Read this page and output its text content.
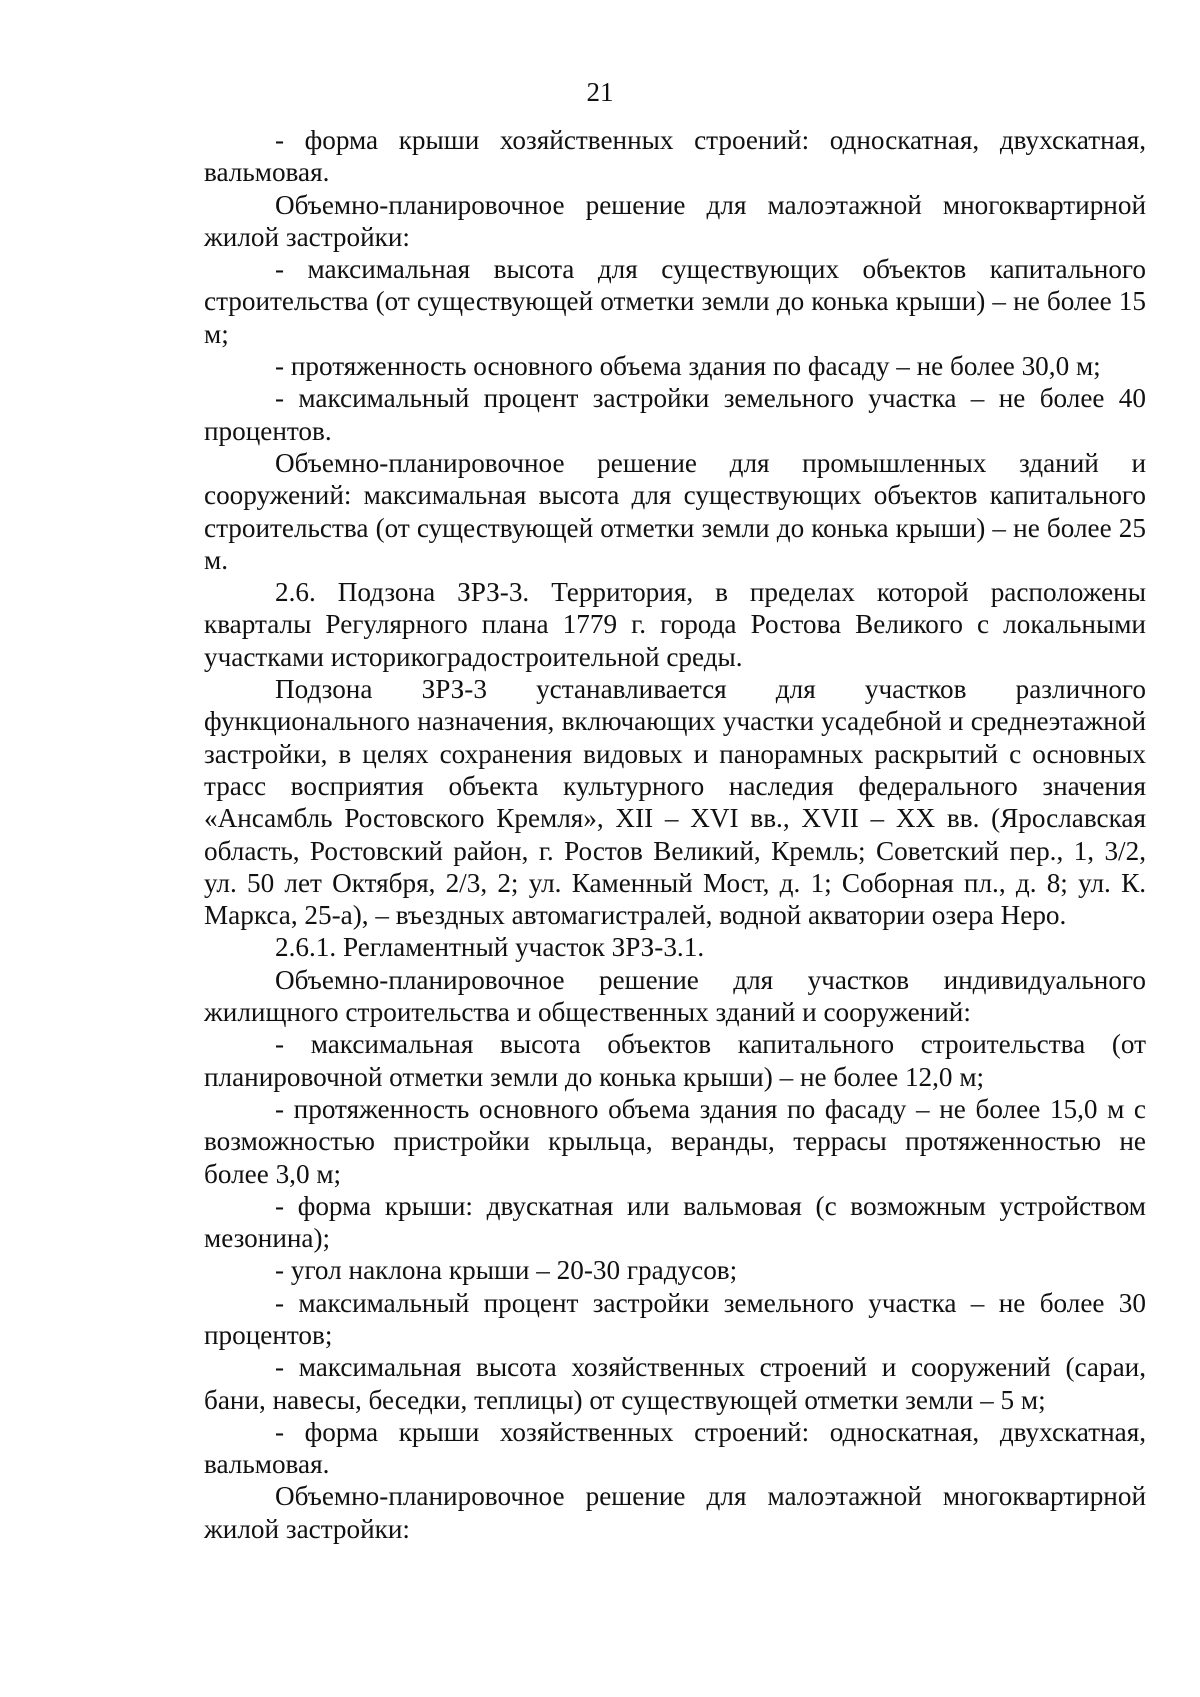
21

- форма крыши хозяйственных строений: односкатная, двухскатная, вальмовая.

Объемно-планировочное решение для малоэтажной многоквартирной жилой застройки:

- максимальная высота для существующих объектов капитального строительства (от существующей отметки земли до конька крыши) – не более 15 м;

- протяженность основного объема здания по фасаду – не более 30,0 м;

- максимальный процент застройки земельного участка – не более 40 процентов.

Объемно-планировочное решение для промышленных зданий и сооружений: максимальная высота для существующих объектов капитального строительства (от существующей отметки земли до конька крыши) – не более 25 м.

2.6. Подзона ЗРЗ-3. Территория, в пределах которой расположены кварталы Регулярного плана 1779 г. города Ростова Великого с локальными участками историкоградостроительной среды.

Подзона ЗРЗ-3 устанавливается для участков различного функционального назначения, включающих участки усадебной и среднеэтажной застройки, в целях сохранения видовых и панорамных раскрытий с основных трасс восприятия объекта культурного наследия федерального значения «Ансамбль Ростовского Кремля», XII – XVI вв., XVII – XX вв. (Ярославская область, Ростовский район, г. Ростов Великий, Кремль; Советский пер., 1, 3/2, ул. 50 лет Октября, 2/3, 2; ул. Каменный Мост, д. 1; Соборная пл., д. 8; ул. К. Маркса, 25-а), – въездных автомагистралей, водной акватории озера Неро.

2.6.1. Регламентный участок ЗРЗ-3.1.

Объемно-планировочное решение для участков индивидуального жилищного строительства и общественных зданий и сооружений:

- максимальная высота объектов капитального строительства (от планировочной отметки земли до конька крыши) – не более 12,0 м;

- протяженность основного объема здания по фасаду – не более 15,0 м с возможностью пристройки крыльца, веранды, террасы протяженностью не более 3,0 м;

- форма крыши: двускатная или вальмовая (с возможным устройством мезонина);

- угол наклона крыши – 20-30 градусов;

- максимальный процент застройки земельного участка – не более 30 процентов;

- максимальная высота хозяйственных строений и сооружений (сараи, бани, навесы, беседки, теплицы) от существующей отметки земли – 5 м;

- форма крыши хозяйственных строений: односкатная, двухскатная, вальмовая.

Объемно-планировочное решение для малоэтажной многоквартирной жилой застройки:
